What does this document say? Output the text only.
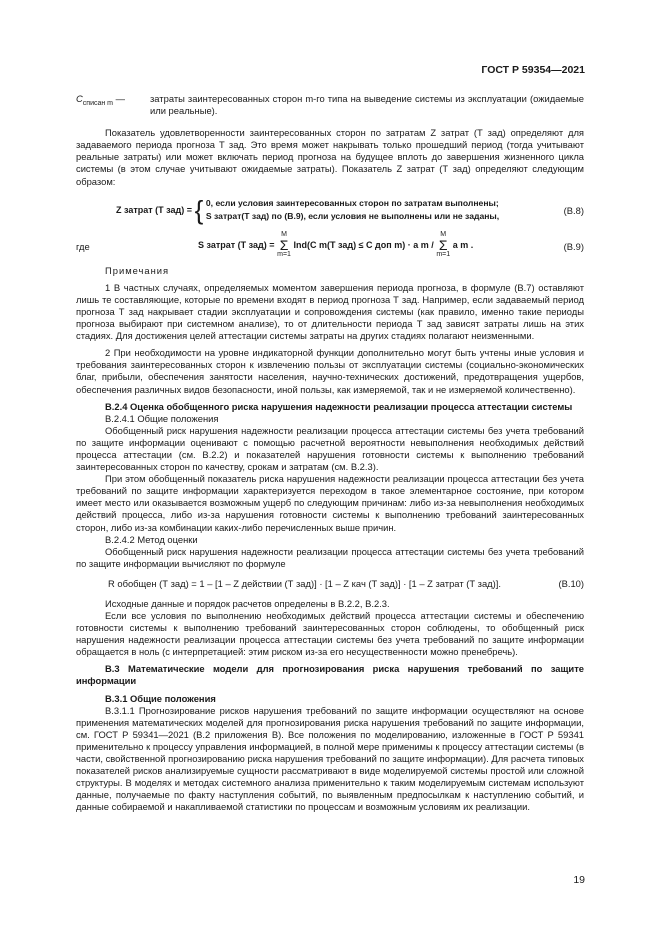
ГОСТ Р 59354—2021
$C_{списан m}$ —	затраты заинтересованных сторон m-го типа на выведение системы из эксплуатации (ожидаемые или реальные).

Показатель удовлетворенности заинтересованных сторон по затратам Z затрат (Т зад) определяют для задаваемого периода прогноза Т зад. Это время может накрывать только прошедший период (тогда учитывают реальные затраты) или может включать период прогноза на будущее вплоть до завершения жизненного цикла системы (в этом случае учитывают ожидаемые затраты). Показатель Z затрат (Т зад) определяют следующим образом:

Z затрат (Т зад) = { 0, если условия заинтересованных сторон по затратам выполнены;
S затрат(Т зад) по (В.9), если условия не выполнены или не заданы,	(В.8)
где	S затрат (Т зад) =
M
Σ
m=1
Ind(C m(Т зад) ≤ C доп m) · a m /
M
Σ
m=1
a m .	(В.9)

Примечания

1 В частных случаях, определяемых моментом завершения периода прогноза, в формуле (В.7) оставляют лишь те составляющие, которые по времени входят в период прогноза Т зад. Например, если задаваемый период прогноза Т зад накрывает стадии эксплуатации и сопровождения системы (как правило, именно такие периоды прогноза выбирают при системном анализе), то от длительности периода Т зад зависят затраты лишь на этих стадиях. Для достижения целей аттестации системы затраты на других стадиях полагают неизменными.

2 При необходимости на уровне индикаторной функции дополнительно могут быть учтены иные условия и требования заинтересованных сторон к извлечению пользы от эксплуатации системы (социально-экономических благ, прибыли, обеспечения занятости населения, научно-технических достижений, предотвращения ущербов, обеспечения различных видов безопасности, иной пользы, как измеряемой, так и не измеряемой количественно).

В.2.4 Оценка обобщенного риска нарушения надежности реализации процесса аттестации системы

В.2.4.1 Общие положения

Обобщенный риск нарушения надежности реализации процесса аттестации системы без учета требований по защите информации оценивают с помощью расчетной вероятности невыполнения необходимых действий процесса аттестации (см. В.2.2) и показателей нарушения готовности системы к выполнению требований заинтересованных сторон по качеству, срокам и затратам (см. В.2.3).

При этом обобщенный показатель риска нарушения надежности реализации процесса аттестации без учета требований по защите информации характеризуется переходом в такое элементарное состояние, при котором имеет место или оказывается возможным ущерб по следующим причинам: либо из-за невыполнения необходимых действий процесса, либо из-за нарушения готовности системы к выполнению требований заинтересованных сторон, либо из-за комбинации каких-либо перечисленных выше причин.

В.2.4.2 Метод оценки

Обобщенный риск нарушения надежности реализации процесса аттестации системы без учета требований по защите информации вычисляют по формуле

R обобщен (Т зад) = 1 – [1 – Z действии (Т зад)] · [1 – Z кач (Т зад)] · [1 – Z затрат (Т зад)].	(В.10)

Исходные данные и порядок расчетов определены в В.2.2, В.2.3.

Если все условия по выполнению необходимых действий процесса аттестации системы и обеспечению готовности системы к выполнению требований заинтересованных сторон соблюдены, то обобщенный риск нарушения надежности реализации процесса аттестации системы без учета требований по защите информации обращается в ноль (с интерпретацией: этим риском из-за его несущественности можно пренебречь).

В.3 Математические модели для прогнозирования риска нарушения требований по защите информации

В.3.1 Общие положения

В.3.1.1 Прогнозирование рисков нарушения требований по защите информации осуществляют на основе применения математических моделей для прогнозирования риска нарушения требований по защите информации, см. ГОСТ Р 59341—2021 (В.2 приложения В). Все положения по моделированию, изложенные в ГОСТ Р 59341 применительно к процессу управления информацией, в полной мере применимы к процессу аттестации системы (в части, свойственной прогнозированию риска нарушения требований по защите информации). Для расчета типовых показателей рисков анализируемые сущности рассматривают в виде моделируемой системы простой или сложной структуры. В моделях и методах системного анализа применительно к таким моделируемым системам используют данные, получаемые по факту наступления событий, по выявленным предпосылкам к наступлению событий, и данные собираемой и накапливаемой статистики по процессам и возможным условиям их реализации.

19
